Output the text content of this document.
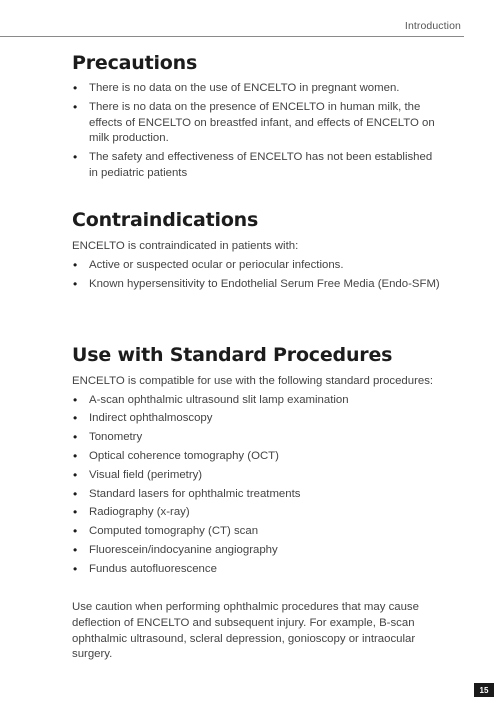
Introduction
Precautions
• There is no data on the use of ENCELTO in pregnant women.
• There is no data on the presence of ENCELTO in human milk, the effects of ENCELTO on breastfed infant, and effects of ENCELTO on milk production.
• The safety and effectiveness of ENCELTO has not been established in pediatric patients
Contraindications

ENCELTO is contraindicated in patients with:

• Active or suspected ocular or periocular infections.
• Known hypersensitivity to Endothelial Serum Free Media (Endo-SFM)
Use with Standard Procedures

ENCELTO is compatible for use with the following standard procedures:

• A-scan ophthalmic ultrasound slit lamp examination
• Indirect ophthalmoscopy
• Tonometry
• Optical coherence tomography (OCT)
• Visual field (perimetry)
• Standard lasers for ophthalmic treatments
• Radiography (x-ray)
• Computed tomography (CT) scan
• Fluorescein/indocyanine angiography
• Fundus autofluorescence

Use caution when performing ophthalmic procedures that may cause deflection of ENCELTO and subsequent injury. For example, B-scan ophthalmic ultrasound, scleral depression, gonioscopy or intraocular surgery.

15
